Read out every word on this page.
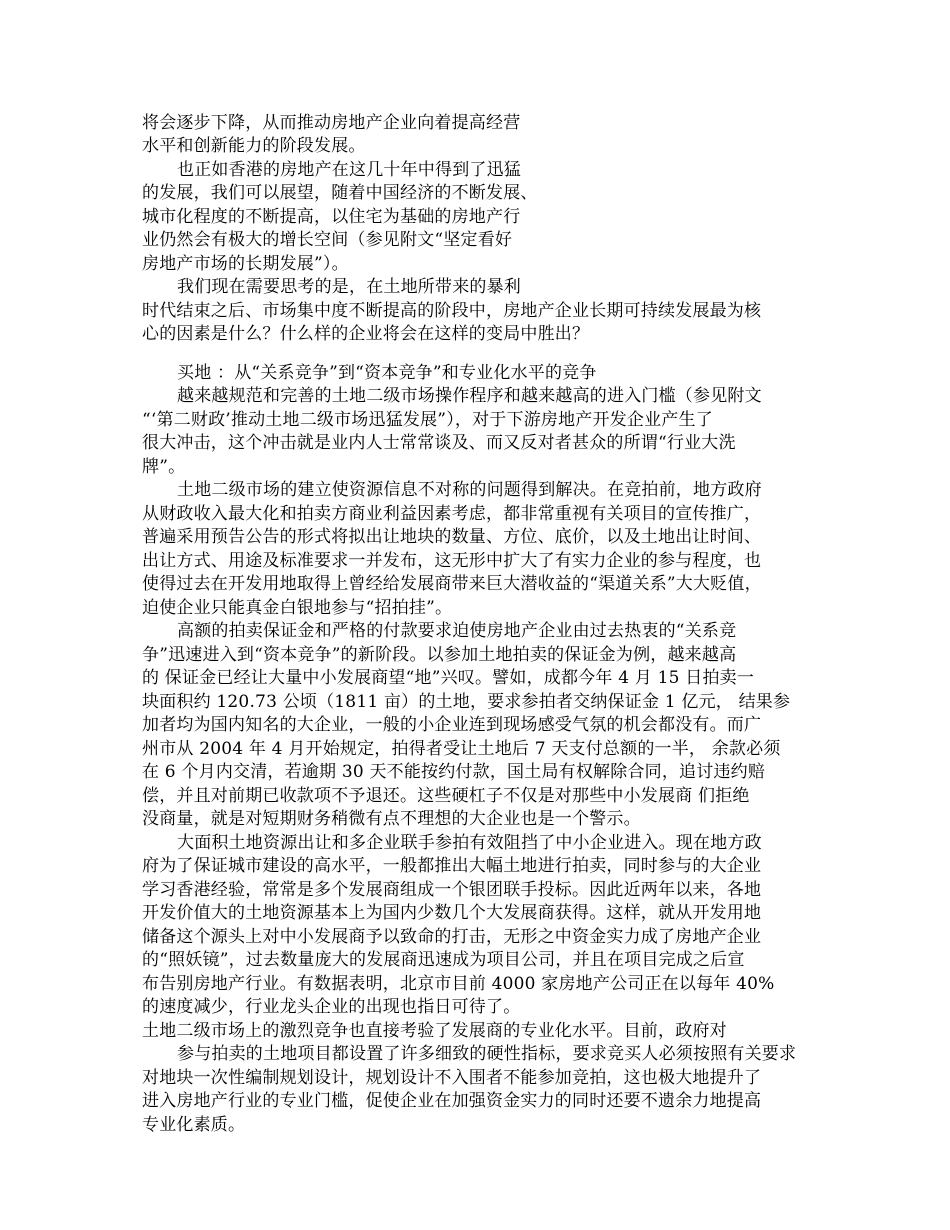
将会逐步下降，从而推动房地产企业向着提高经营
水平和创新能力的阶段发展。
也正如香港的房地产在这几十年中得到了迅猛
的发展，我们可以展望，随着中国经济的不断发展、
城市化程度的不断提高，以住宅为基础的房地产行
业仍然会有极大的增长空间（参见附文“坚定看好
房地产市场的长期发展”）。
我们现在需要思考的是，在土地所带来的暴利
时代结束之后、市场集中度不断提高的阶段中，房地产企业长期可持续发展最为核
心的因素是什么？什么样的企业将会在这样的变局中胜出？
买地 ：从“关系竞争”到“资本竞争”和专业化水平的竞争
越来越规范和完善的土地二级市场操作程序和越来越高的进入门槛（参见附文
“‘第二财政’推动土地二级市场迅猛发展”），对于下游房地产开发企业产生了
很大冲击，这个冲击就是业内人士常常谈及、而又反对者甚众的所谓“行业大洗
牌”。
土地二级市场的建立使资源信息不对称的问题得到解决。在竞拍前，地方政府
从财政收入最大化和拍卖方商业利益因素考虑，都非常重视有关项目的宣传推广，
普遍采用预告公告的形式将拟出让地块的数量、方位、底价，以及土地出让时间、
出让方式、用途及标准要求一并发布，这无形中扩大了有实力企业的参与程度，也
使得过去在开发用地取得上曾经给发展商带来巨大潜收益的“渠道关系”大大贬值，
迫使企业只能真金白银地参与“招拍挂”。
高额的拍卖保证金和严格的付款要求迫使房地产企业由过去热衷的“关系竞
争”迅速进入到“资本竞争”的新阶段。以参加土地拍卖的保证金为例，越来越高
的 保证金已经让大量中小发展商望“地”兴叹。譬如，成都今年 4 月 15 日拍卖一
块面积约 120.73 公顷（1811 亩）的土地，要求参拍者交纳保证金 1 亿元， 结果参
加者均为国内知名的大企业，一般的小企业连到现场感受气氛的机会都没有。而广
州市从 2004 年 4 月开始规定，拍得者受让土地后 7 天支付总额的一半， 余款必须
在 6 个月内交清，若逾期 30 天不能按约付款，国土局有权解除合同，追讨违约赔
偿，并且对前期已收款项不予退还。这些硬杠子不仅是对那些中小发展商 们拒绝
没商量，就是对短期财务稍微有点不理想的大企业也是一个警示。
大面积土地资源出让和多企业联手参拍有效阻挡了中小企业进入。现在地方政
府为了保证城市建设的高水平，一般都推出大幅土地进行拍卖，同时参与的大企业
学习香港经验，常常是多个发展商组成一个银团联手投标。因此近两年以来，各地
开发价值大的土地资源基本上为国内少数几个大发展商获得。这样，就从开发用地
储备这个源头上对中小发展商予以致命的打击，无形之中资金实力成了房地产企业
的“照妖镜”，过去数量庞大的发展商迅速成为项目公司，并且在项目完成之后宣
布告别房地产行业。有数据表明，北京市目前 4000 家房地产公司正在以每年 40%
的速度减少，行业龙头企业的出现也指日可待了。
土地二级市场上的激烈竞争也直接考验了发展商的专业化水平。目前，政府对
参与拍卖的土地项目都设置了许多细致的硬性指标，要求竞买人必须按照有关要求
对地块一次性编制规划设计，规划设计不入围者不能参加竞拍，这也极大地提升了
进入房地产行业的专业门槛，促使企业在加强资金实力的同时还要不遗余力地提高
专业化素质。
